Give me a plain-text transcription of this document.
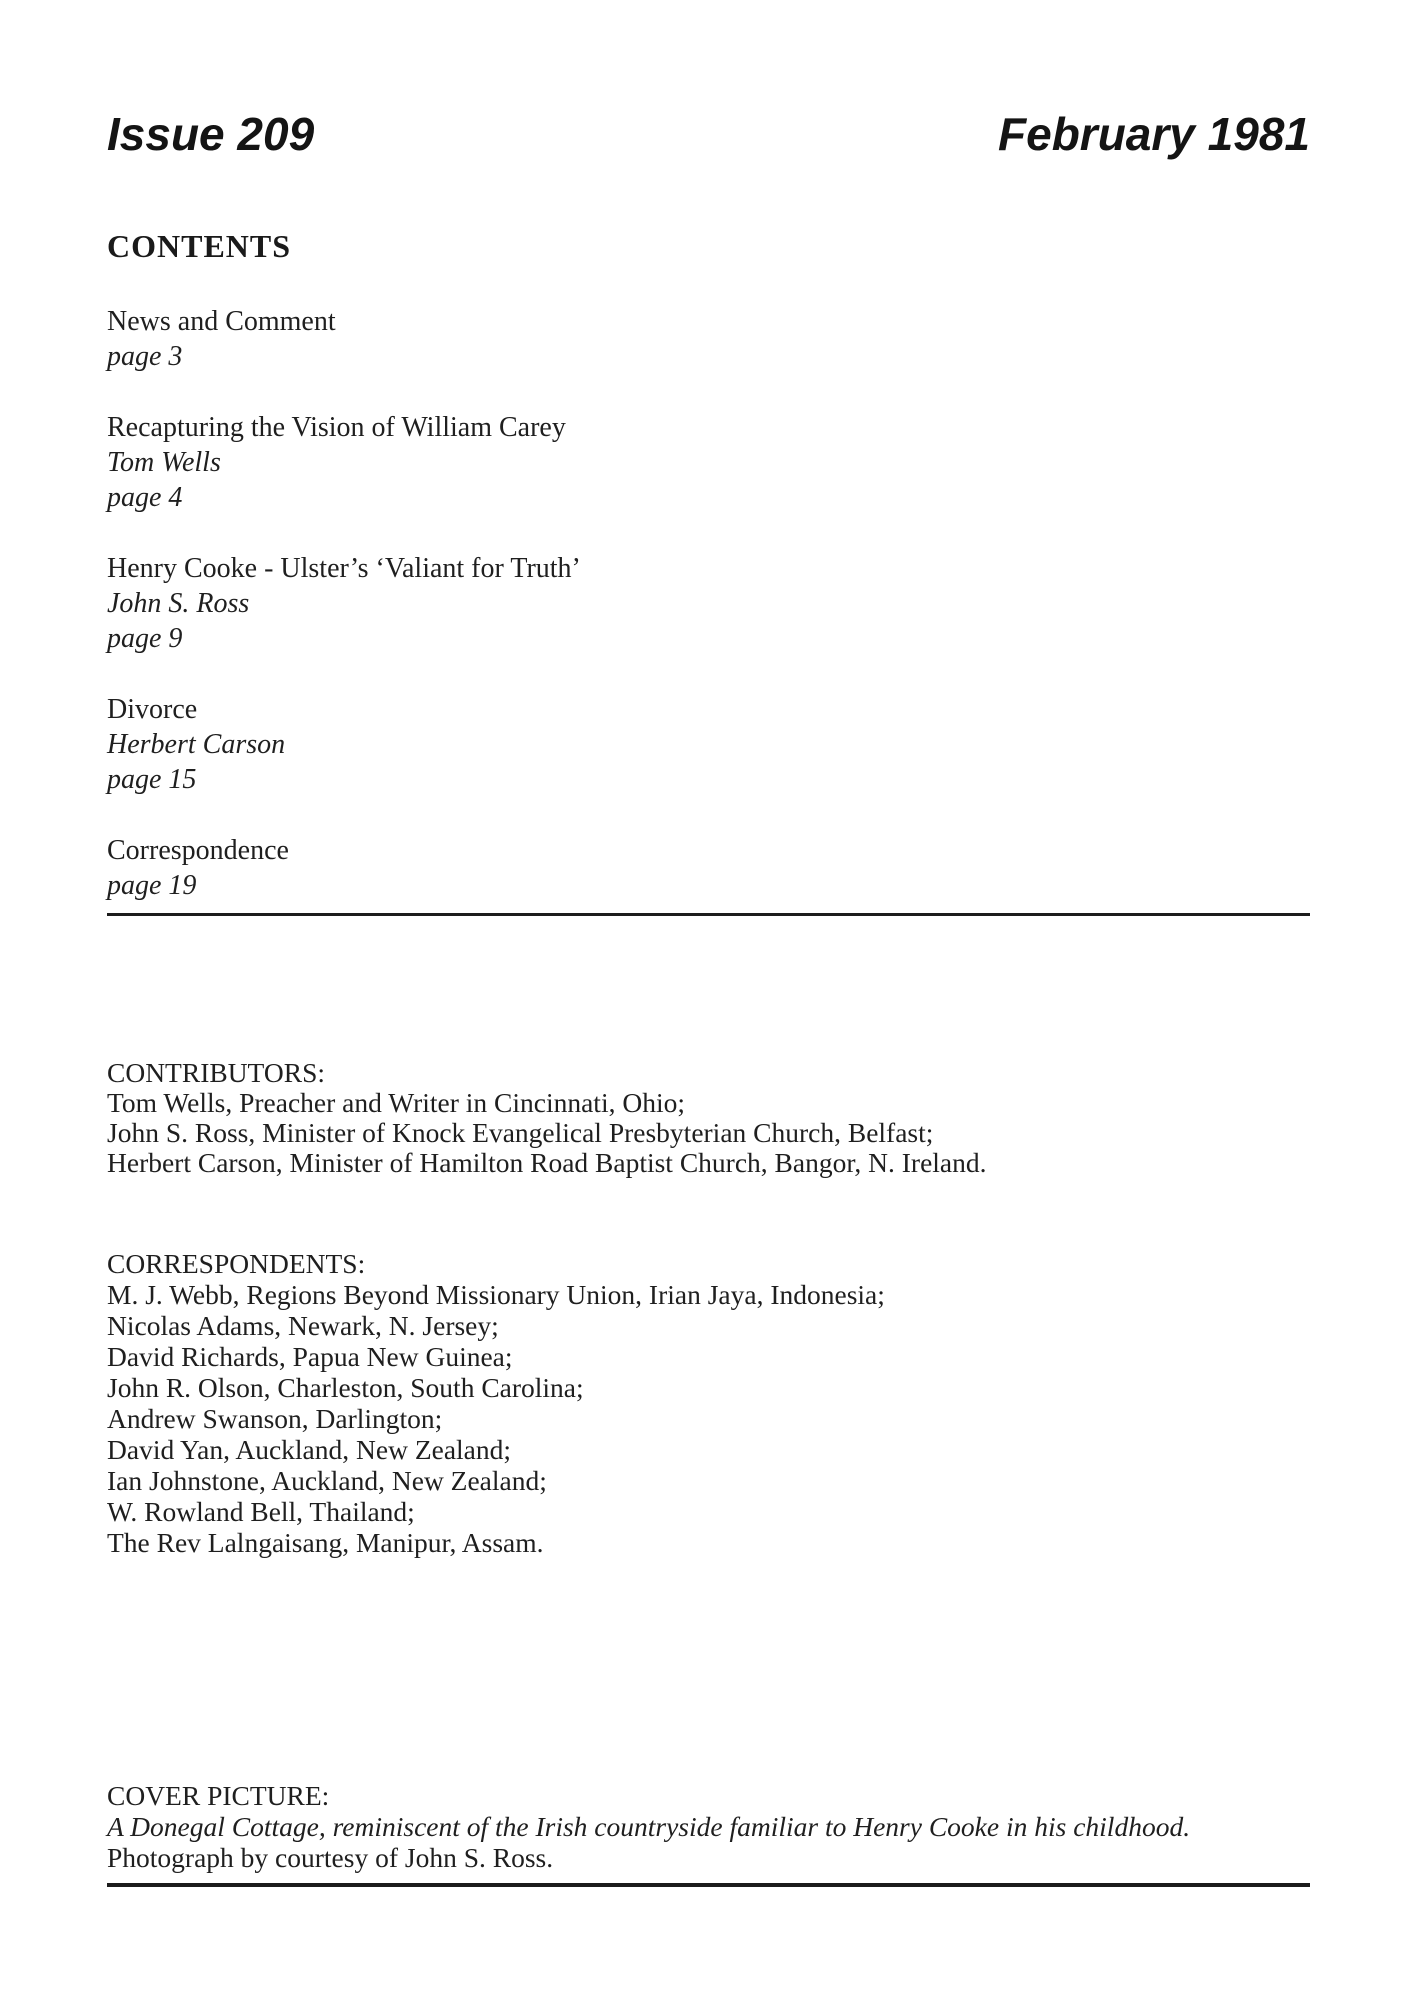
Issue 209	February 1981
CONTENTS
News and Comment
page 3
Recapturing the Vision of William Carey
Tom Wells
page 4
Henry Cooke - Ulster’s ‘Valiant for Truth’
John S. Ross
page 9
Divorce
Herbert Carson
page 15
Correspondence
page 19
CONTRIBUTORS:
Tom Wells, Preacher and Writer in Cincinnati, Ohio;
John S. Ross, Minister of Knock Evangelical Presbyterian Church, Belfast;
Herbert Carson, Minister of Hamilton Road Baptist Church, Bangor, N. Ireland.
CORRESPONDENTS:
M. J. Webb, Regions Beyond Missionary Union, Irian Jaya, Indonesia;
Nicolas Adams, Newark, N. Jersey;
David Richards, Papua New Guinea;
John R. Olson, Charleston, South Carolina;
Andrew Swanson, Darlington;
David Yan, Auckland, New Zealand;
Ian Johnstone, Auckland, New Zealand;
W. Rowland Bell, Thailand;
The Rev Lalngaisang, Manipur, Assam.
COVER PICTURE:
A Donegal Cottage, reminiscent of the Irish countryside familiar to Henry Cooke in his childhood.
Photograph by courtesy of John S. Ross.
